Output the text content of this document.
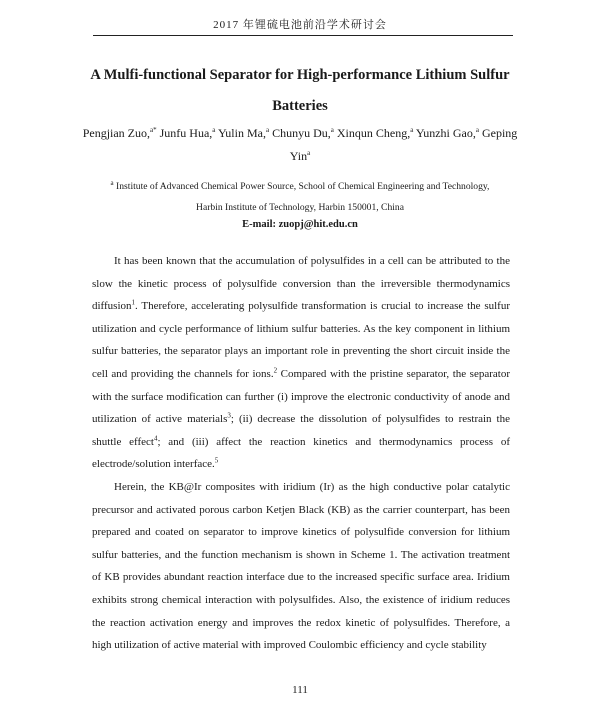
2017 年锂硫电池前沿学术研讨会
A Mulfi-functional Separator for High-performance Lithium Sulfur
Batteries
Pengjian Zuo,$^{a*}$ Junfu Hua,$^a$ Yulin Ma,$^a$ Chunyu Du,$^a$ Xinqun Cheng,$^a$ Yunzhi Gao,$^a$ Geping Yin$^a$
$^a$ Institute of Advanced Chemical Power Source, School of Chemical Engineering and Technology,
Harbin Institute of Technology, Harbin 150001, China
E-mail: zuopj@hit.edu.cn

It has been known that the accumulation of polysulfides in a cell can be attributed to the slow the kinetic process of polysulfide conversion than the irreversible thermodynamics diffusion$^1$. Therefore, accelerating polysulfide transformation is crucial to increase the sulfur utilization and cycle performance of lithium sulfur batteries. As the key component in lithium sulfur batteries, the separator plays an important role in preventing the short circuit inside the cell and providing the channels for ions.$^2$ Compared with the pristine separator, the separator with the surface modification can further (i) improve the electronic conductivity of anode and utilization of active materials$^3$; (ii) decrease the dissolution of polysulfides to restrain the shuttle effect$^4$; and (iii) affect the reaction kinetics and thermodynamics process of electrode/solution interface.$^5$

Herein, the KB@Ir composites with iridium (Ir) as the high conductive polar catalytic precursor and activated porous carbon Ketjen Black (KB) as the carrier counterpart, has been prepared and coated on separator to improve kinetics of polysulfide conversion for lithium sulfur batteries, and the function mechanism is shown in Scheme 1. The activation treatment of KB provides abundant reaction interface due to the increased specific surface area. Iridium exhibits strong chemical interaction with polysulfides. Also, the existence of iridium reduces the reaction activation energy and improves the redox kinetic of polysulfides. Therefore, a high utilization of active material with improved Coulombic efficiency and cycle stability

111
